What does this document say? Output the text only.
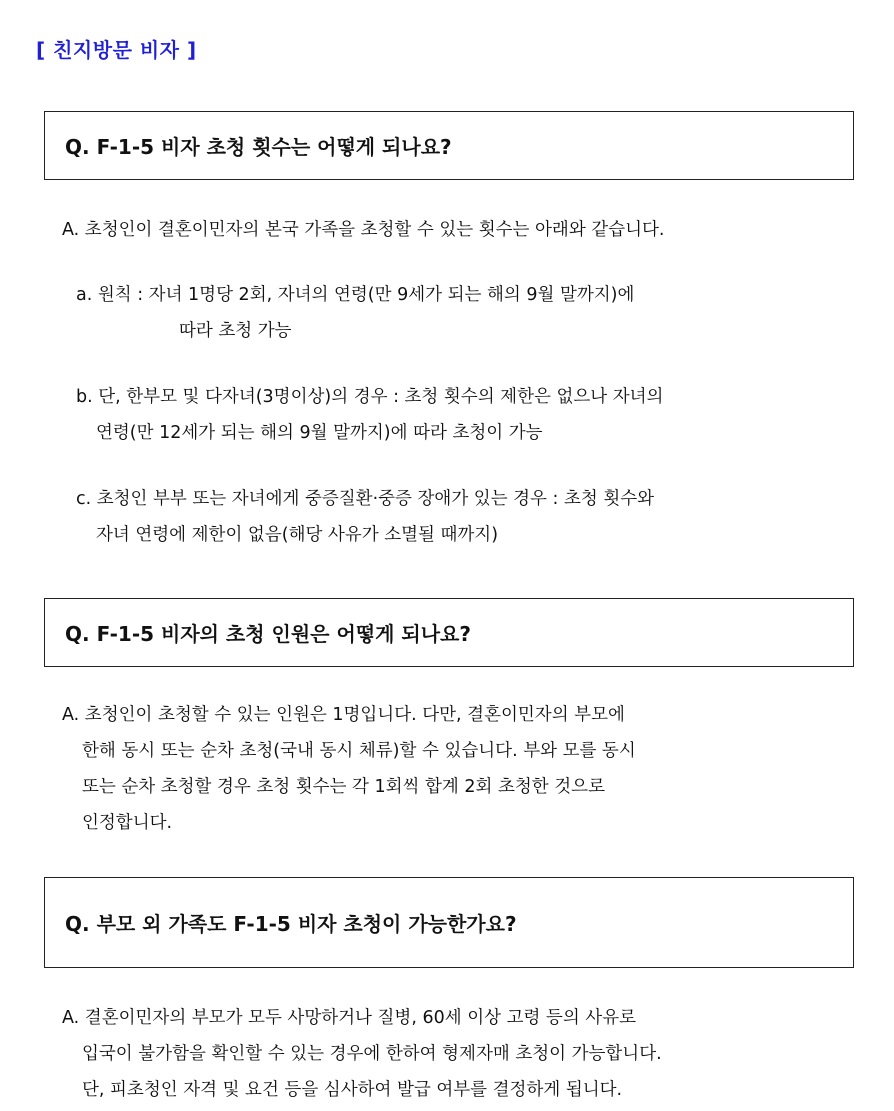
[ 친지방문 비자 ]
Q. F-1-5 비자 초청 횟수는 어떻게 되나요?
A. 초청인이 결혼이민자의 본국 가족을 초청할 수 있는 횟수는 아래와 같습니다.
a. 원칙 : 자녀 1명당 2회, 자녀의 연령(만 9세가 되는 해의 9월 말까지)에
따라 초청 가능
b. 단, 한부모 및 다자녀(3명이상)의 경우 : 초청 횟수의 제한은 없으나 자녀의
연령(만 12세가 되는 해의 9월 말까지)에 따라 초청이 가능
c. 초청인 부부 또는 자녀에게 중증질환·중증 장애가 있는 경우 : 초청 횟수와
자녀 연령에 제한이 없음(해당 사유가 소멸될 때까지)
Q. F-1-5 비자의 초청 인원은 어떻게 되나요?
A. 초청인이 초청할 수 있는 인원은 1명입니다. 다만, 결혼이민자의 부모에
한해 동시 또는 순차 초청(국내 동시 체류)할 수 있습니다. 부와 모를 동시
또는 순차 초청할 경우 초청 횟수는 각 1회씩 합계 2회 초청한 것으로
인정합니다.
Q. 부모 외 가족도 F-1-5 비자 초청이 가능한가요?
A. 결혼이민자의 부모가 모두 사망하거나 질병, 60세 이상 고령 등의 사유로
입국이 불가함을 확인할 수 있는 경우에 한하여 형제자매 초청이 가능합니다.
단, 피초청인 자격 및 요건 등을 심사하여 발급 여부를 결정하게 됩니다.
